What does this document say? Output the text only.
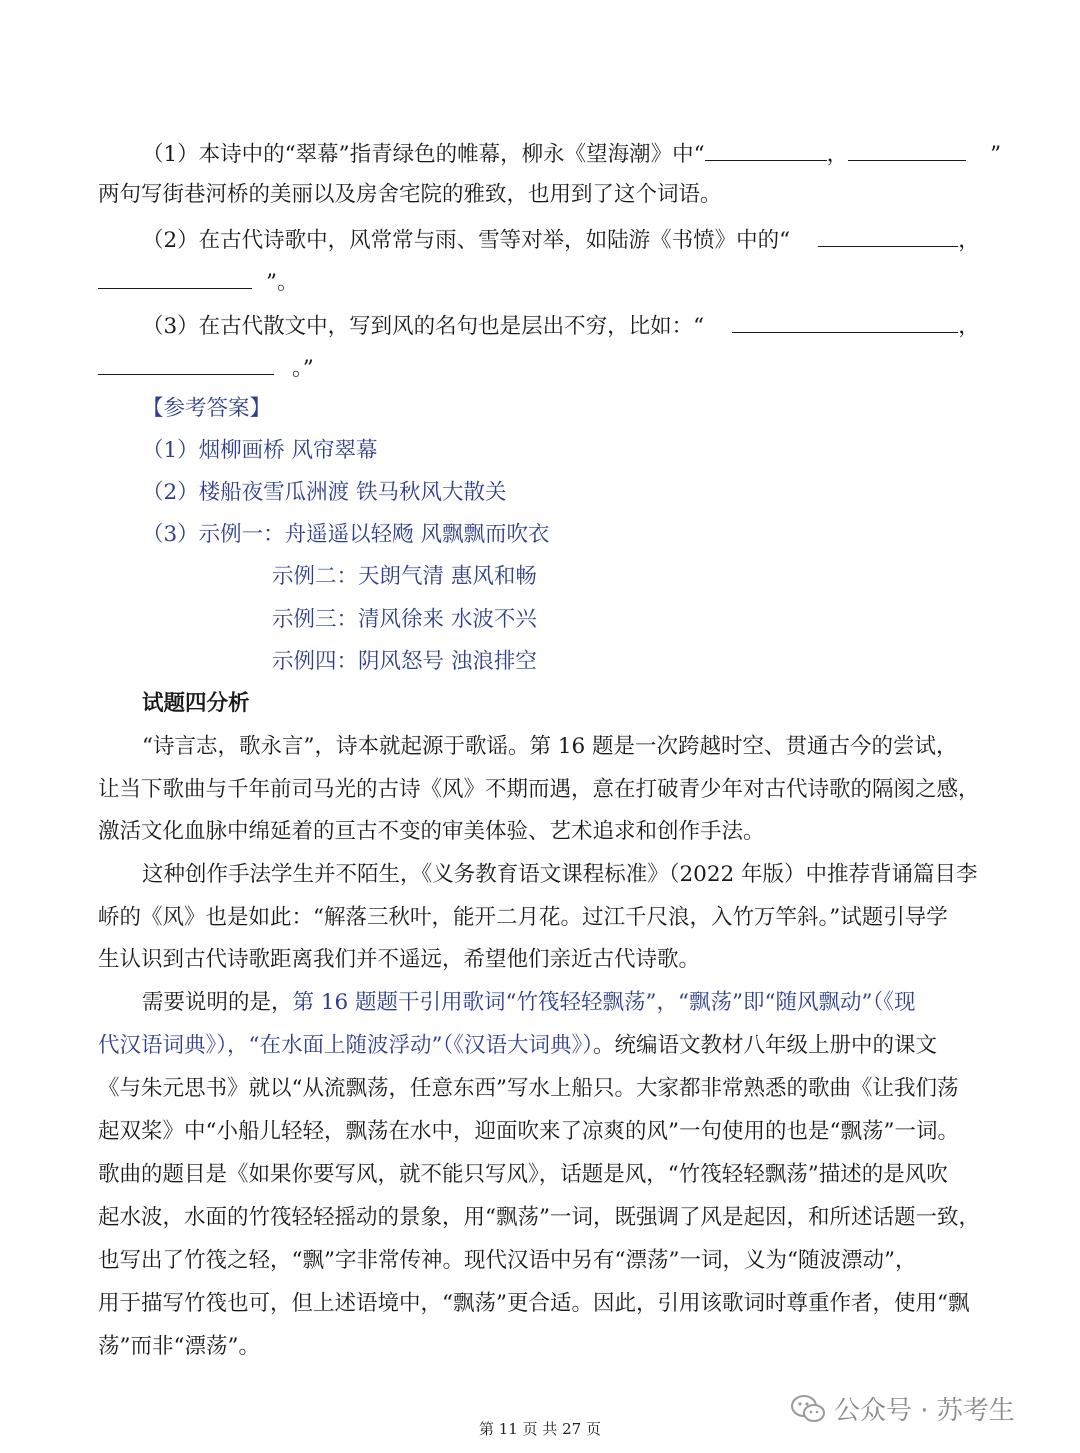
（1）本诗中的“翠幕”指青绿色的帷幕，柳永《望海潮》中“	，	”
两句写街巷河桥的美丽以及房舍宅院的雅致，也用到了这个词语。
（2）在古代诗歌中，风常常与雨、雪等对举，如陆游《书愤》中的“	，
”。
（3）在古代散文中，写到风的名句也是层出不穷，比如：“	，
。”
【参考答案】
（1）烟柳画桥 风帘翠幕
（2）楼船夜雪瓜洲渡 铁马秋风大散关
（3）示例一：舟遥遥以轻飏 风飘飘而吹衣
示例二：天朗气清 惠风和畅
示例三：清风徐来 水波不兴
示例四：阴风怒号 浊浪排空
试题四分析
“诗言志，歌永言”，诗本就起源于歌谣。第 16 题是一次跨越时空、贯通古今的尝试，
让当下歌曲与千年前司马光的古诗《风》不期而遇，意在打破青少年对古代诗歌的隔阂之感，
激活文化血脉中绵延着的亘古不变的审美体验、艺术追求和创作手法。
这种创作手法学生并不陌生，《义务教育语文课程标准》（2022 年版）中推荐背诵篇目李
峤的《风》也是如此：“解落三秋叶，能开二月花。过江千尺浪，入竹万竿斜。”试题引导学
生认识到古代诗歌距离我们并不遥远，希望他们亲近古代诗歌。
需要说明的是，第 16 题题干引用歌词“竹筏轻轻飘荡”，“飘荡”即“随风飘动”（《现
代汉语词典》），“在水面上随波浮动”（《汉语大词典》）。统编语文教材八年级上册中的课文
《与朱元思书》就以“从流飘荡，任意东西”写水上船只。大家都非常熟悉的歌曲《让我们荡
起双桨》中“小船儿轻轻，飘荡在水中，迎面吹来了凉爽的风”一句使用的也是“飘荡”一词。
歌曲的题目是《如果你要写风，就不能只写风》，话题是风，“竹筏轻轻飘荡”描述的是风吹
起水波，水面的竹筏轻轻摇动的景象，用“飘荡”一词，既强调了风是起因，和所述话题一致，
也写出了竹筏之轻，“飘”字非常传神。现代汉语中另有“漂荡”一词，义为“随波漂动”，
用于描写竹筏也可，但上述语境中，“飘荡”更合适。因此，引用该歌词时尊重作者，使用“飘
荡”而非“漂荡”。
公众号 · 苏考生
第 11 页 共 27 页
